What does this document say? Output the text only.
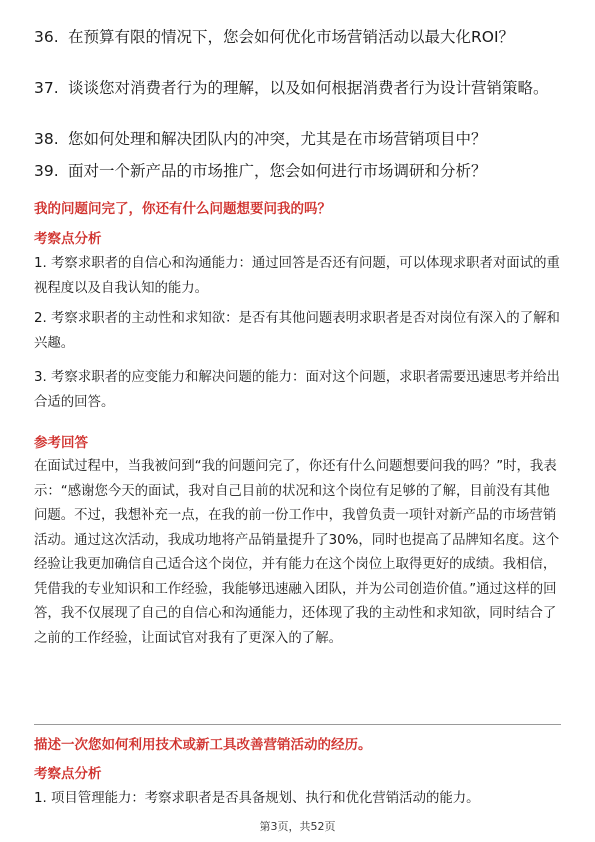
36. 在预算有限的情况下，您会如何优化市场营销活动以最大化ROI？
37. 谈谈您对消费者行为的理解，以及如何根据消费者行为设计营销策略。
38. 您如何处理和解决团队内的冲突，尤其是在市场营销项目中？
39. 面对一个新产品的市场推广，您会如何进行市场调研和分析？
我的问题问完了，你还有什么问题想要问我的吗？
考察点分析
1. 考察求职者的自信心和沟通能力：通过回答是否还有问题，可以体现求职者对面试的重视程度以及自我认知的能力。
2. 考察求职者的主动性和求知欲：是否有其他问题表明求职者是否对岗位有深入的了解和兴趣。
3. 考察求职者的应变能力和解决问题的能力：面对这个问题，求职者需要迅速思考并给出合适的回答。
参考回答
在面试过程中，当我被问到“我的问题问完了，你还有什么问题想要问我的吗？”时，我表示：“感谢您今天的面试，我对自己目前的状况和这个岗位有足够的了解，目前没有其他问题。不过，我想补充一点，在我的前一份工作中，我曾负责一项针对新产品的市场营销活动。通过这次活动，我成功地将产品销量提升了30%，同时也提高了品牌知名度。这个经验让我更加确信自己适合这个岗位，并有能力在这个岗位上取得更好的成绩。我相信，凭借我的专业知识和工作经验，我能够迅速融入团队，并为公司创造价值。”通过这样的回答，我不仅展现了自己的自信心和沟通能力，还体现了我的主动性和求知欲，同时结合了之前的工作经验，让面试官对我有了更深入的了解。
描述一次您如何利用技术或新工具改善营销活动的经历。
考察点分析
1. 项目管理能力：考察求职者是否具备规划、执行和优化营销活动的能力。
第3页，共52页
